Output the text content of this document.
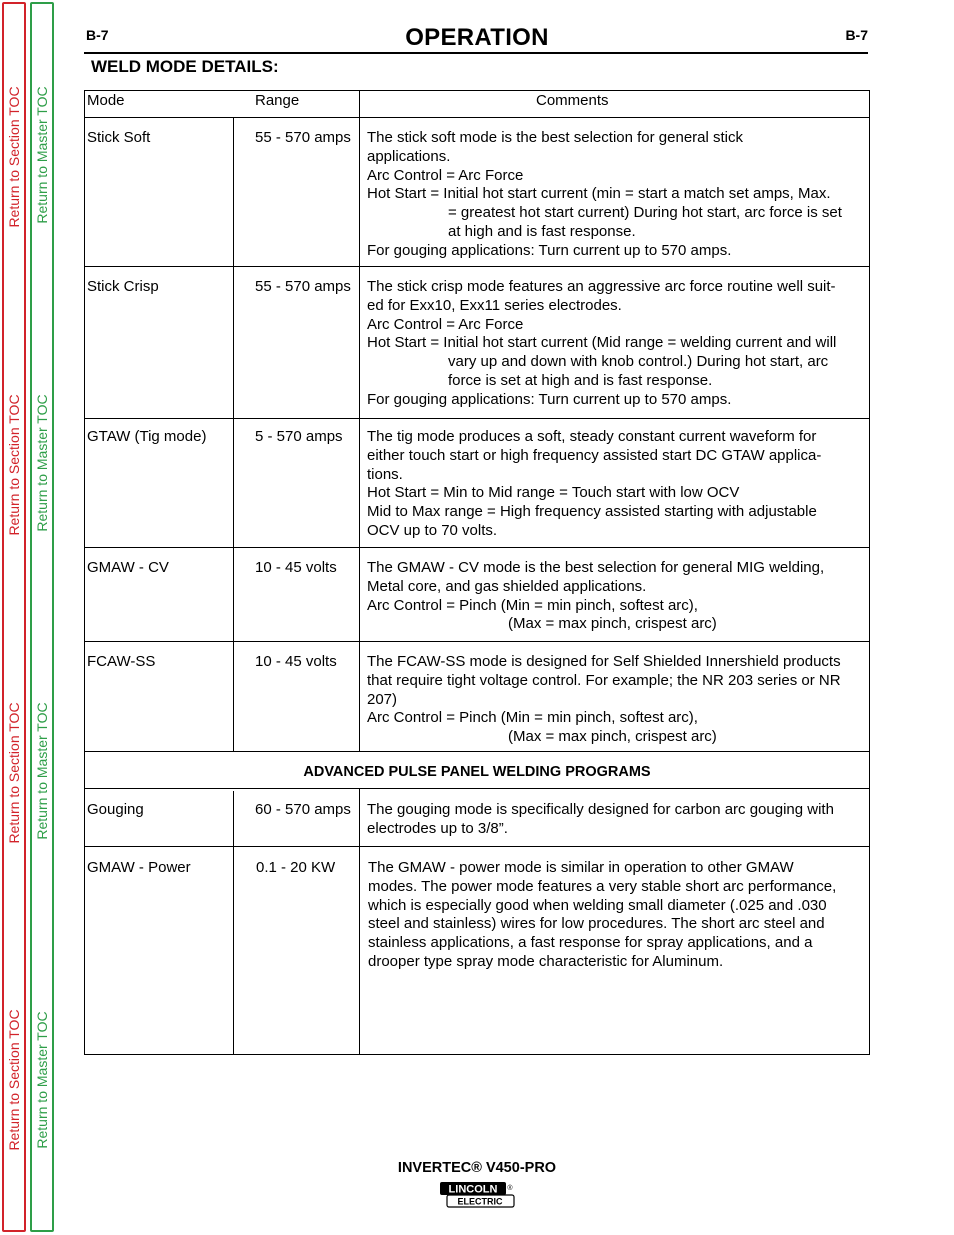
Return to Section TOC
Return to Section TOC
Return to Section TOC
Return to Section TOC
Return to Master TOC
Return to Master TOC
Return to Master TOC
Return to Master TOC
B-7	OPERATION	B-7
WELD MODE DETAILS:
Mode	Range	Comments
Stick Soft	55 - 570 amps The stick soft mode is the best selection for general stick
applications.
Arc Control = Arc Force
Hot Start = Initial hot start current (min = start a match set amps, Max.
= greatest hot start current) During hot start, arc force is set
at high and is fast response.
For gouging applications: Turn current up to 570 amps.
Stick Crisp	55 - 570 amps The stick crisp mode features an aggressive arc force routine well suit-
ed for Exx10, Exx11 series electrodes.
Arc Control = Arc Force
Hot Start = Initial hot start current (Mid range = welding current and will
vary up and down with knob control.) During hot start, arc
force is set at high and is fast response.
For gouging applications: Turn current up to 570 amps.
GTAW (Tig mode)	5 - 570 amps The tig mode produces a soft, steady constant current waveform for
either touch start or high frequency assisted start DC GTAW applica-
tions.
Hot Start = Min to Mid range = Touch start with low OCV
Mid to Max range = High frequency assisted starting with adjustable
OCV up to 70 volts.
GMAW - CV	10 - 45 volts The GMAW - CV mode is the best selection for general MIG welding,
Metal core, and gas shielded applications.
Arc Control = Pinch (Min = min pinch, softest arc),
(Max = max pinch, crispest arc)
FCAW-SS	10 - 45 volts The FCAW-SS mode is designed for Self Shielded Innershield products
that require tight voltage control. For example; the NR 203 series or NR
207)
Arc Control = Pinch (Min = min pinch, softest arc),
(Max = max pinch, crispest arc)
ADVANCED PULSE PANEL WELDING PROGRAMS
Gouging	60 - 570 amps The gouging mode is specifically designed for carbon arc gouging with
electrodes up to 3/8”.
GMAW - Power	0.1 - 20 KW The GMAW - power mode is similar in operation to other GMAW
modes. The power mode features a very stable short arc performance,
which is especially good when welding small diameter (.025 and .030
steel and stainless) wires for low procedures. The short arc steel and
stainless applications, a fast response for spray applications, and a
drooper type spray mode characteristic for Aluminum.
INVERTEC® V450-PRO
LINCOLN ®
ELECTRIC
